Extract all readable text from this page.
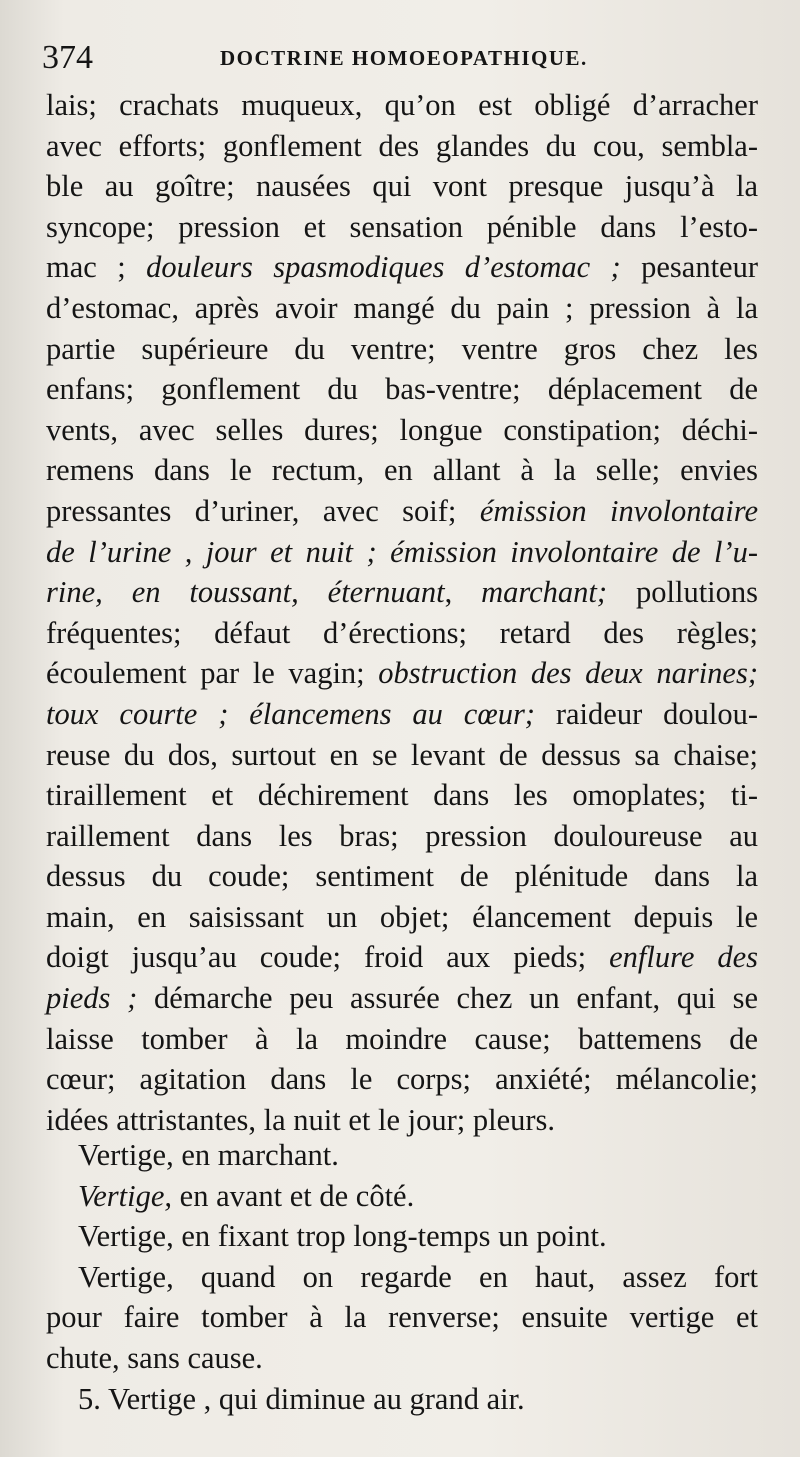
374	DOCTRINE HOMOEOPATHIQUE.
lais; crachats muqueux, qu’on est obligé d’arracher
avec efforts; gonflement des glandes du cou, sembla-
ble au goître; nausées qui vont presque jusqu’à la
syncope; pression et sensation pénible dans l’esto-
mac ; douleurs spasmodiques d’estomac ; pesanteur
d’estomac, après avoir mangé du pain ; pression à la
partie supérieure du ventre; ventre gros chez les
enfans; gonflement du bas-ventre; déplacement de
vents, avec selles dures; longue constipation; déchi-
remens dans le rectum, en allant à la selle; envies
pressantes d’uriner, avec soif; émission involontaire
de l’urine , jour et nuit ; émission involontaire de l’u-
rine, en toussant, éternuant, marchant; pollutions
fréquentes; défaut d’érections; retard des règles;
écoulement par le vagin; obstruction des deux narines;
toux courte ; élancemens au cœur; raideur doulou-
reuse du dos, surtout en se levant de dessus sa chaise;
tiraillement et déchirement dans les omoplates; ti-
raillement dans les bras; pression douloureuse au
dessus du coude; sentiment de plénitude dans la
main, en saisissant un objet; élancement depuis le
doigt jusqu’au coude; froid aux pieds; enflure des
pieds ; démarche peu assurée chez un enfant, qui se
laisse tomber à la moindre cause; battemens de
cœur; agitation dans le corps; anxiété; mélancolie;
idées attristantes, la nuit et le jour; pleurs.
Vertige, en marchant.
Vertige, en avant et de côté.
Vertige, en fixant trop long-temps un point.
Vertige, quand on regarde en haut, assez fort
pour faire tomber à la renverse; ensuite vertige et
chute, sans cause.
5. Vertige , qui diminue au grand air.
